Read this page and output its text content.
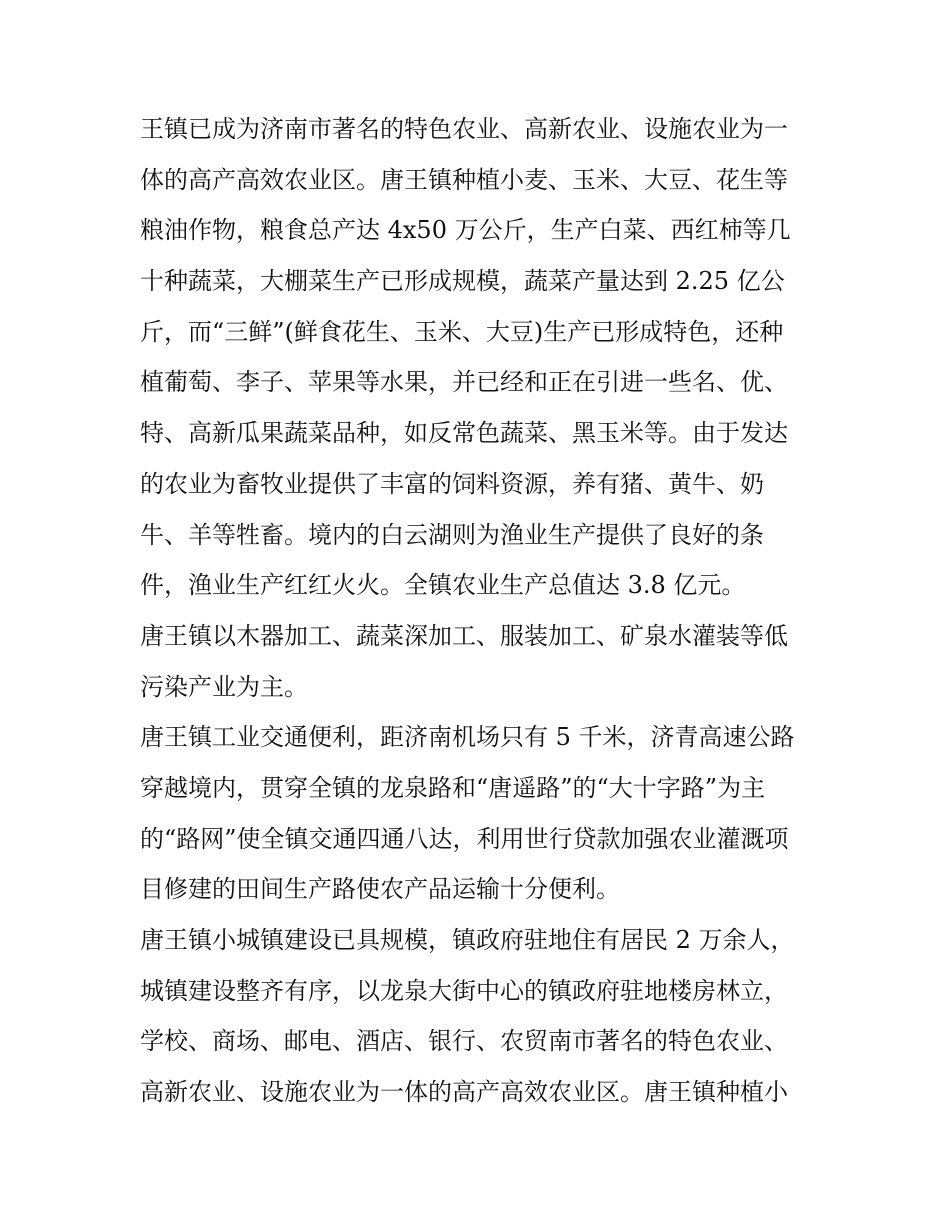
王镇已成为济南市著名的特色农业、高新农业、设施农业为一
体的高产高效农业区。唐王镇种植小麦、玉米、大豆、花生等
粮油作物，粮食总产达 4x50 万公斤，生产白菜、西红柿等几
十种蔬菜，大棚菜生产已形成规模，蔬菜产量达到 2.25 亿公
斤，而“三鲜”(鲜食花生、玉米、大豆)生产已形成特色，还种
植葡萄、李子、苹果等水果，并已经和正在引进一些名、优、
特、高新瓜果蔬菜品种，如反常色蔬菜、黑玉米等。由于发达
的农业为畜牧业提供了丰富的饲料资源，养有猪、黄牛、奶
牛、羊等牲畜。境内的白云湖则为渔业生产提供了良好的条
件，渔业生产红红火火。全镇农业生产总值达 3.8 亿元。
唐王镇以木器加工、蔬菜深加工、服装加工、矿泉水灌装等低
污染产业为主。
唐王镇工业交通便利，距济南机场只有 5 千米，济青高速公路
穿越境内，贯穿全镇的龙泉路和“唐遥路”的“大十字路”为主
的“路网”使全镇交通四通八达，利用世行贷款加强农业灌溉项
目修建的田间生产路使农产品运输十分便利。
唐王镇小城镇建设已具规模，镇政府驻地住有居民 2 万余人，
城镇建设整齐有序，以龙泉大街中心的镇政府驻地楼房林立，
学校、商场、邮电、酒店、银行、农贸南市著名的特色农业、
高新农业、设施农业为一体的高产高效农业区。唐王镇种植小
